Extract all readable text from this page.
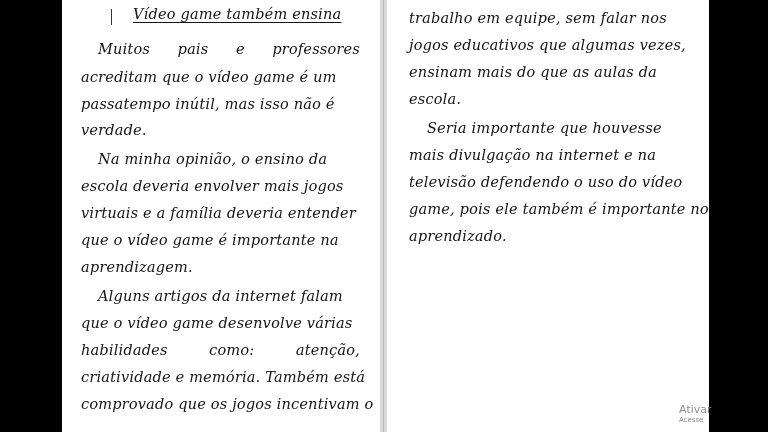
Vídeo game também ensina
Muitos pais e professores
acreditam que o vídeo game é um
passatempo inútil, mas isso não é
verdade.
Na minha opinião, o ensino da
escola deveria envolver mais jogos
virtuais e a família deveria entender
que o vídeo game é importante na
aprendizagem.
Alguns artigos da internet falam
que o vídeo game desenvolve várias
habilidades	como:	atenção,
criatividade e memória. Também está
comprovado que os jogos incentivam o
trabalho em equipe, sem falar nos
jogos educativos que algumas vezes,
ensinam mais do que as aulas da
escola.
Seria importante que houvesse
mais divulgação na internet e na
televisão defendendo o uso do vídeo
game, pois ele também é importante no
aprendizado.
Ativar
Acesse
